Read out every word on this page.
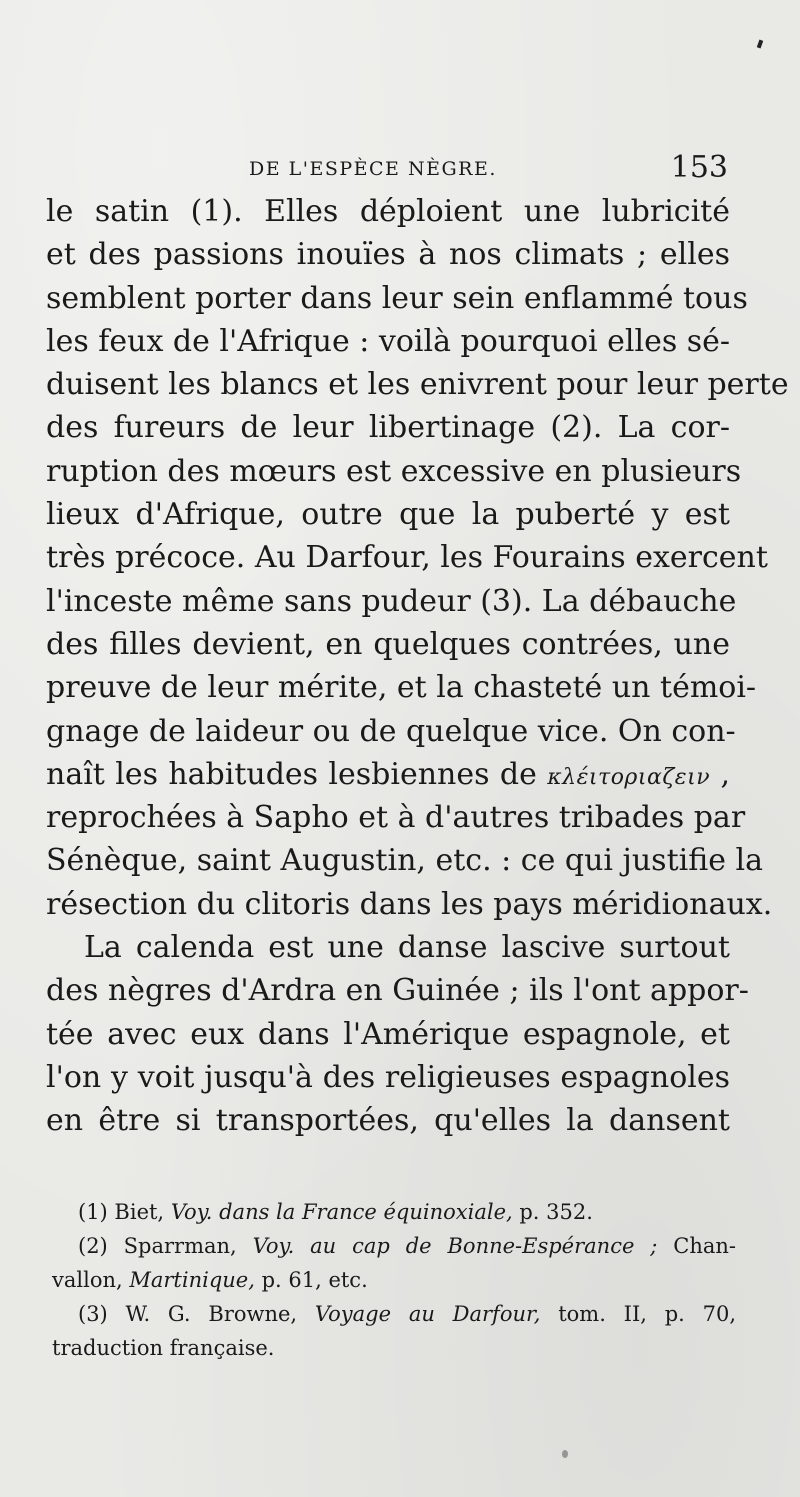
DE L'ESPÈCE NÈGRE.	153
le satin (1). Elles déploient une lubricité
et des passions inouïes à nos climats ; elles
semblent porter dans leur sein enflammé tous
les feux de l'Afrique : voilà pourquoi elles sé-
duisent les blancs et les enivrent pour leur perte
des fureurs de leur libertinage (2). La cor-
ruption des mœurs est excessive en plusieurs
lieux d'Afrique, outre que la puberté y est
très précoce. Au Darfour, les Fourains exercent
l'inceste même sans pudeur (3). La débauche
des filles devient, en quelques contrées, une
preuve de leur mérite, et la chasteté un témoi-
gnage de laideur ou de quelque vice. On con-
naît les habitudes lesbiennes de κλέιτοριαζειν ,
reprochées à Sapho et à d'autres tribades par
Sénèque, saint Augustin, etc. : ce qui justifie la
résection du clitoris dans les pays méridionaux.
La calenda est une danse lascive surtout
des nègres d'Ardra en Guinée ; ils l'ont appor-
tée avec eux dans l'Amérique espagnole, et
l'on y voit jusqu'à des religieuses espagnoles
en être si transportées, qu'elles la dansent
(1) Biet, Voy. dans la France équinoxiale, p. 352.
(2) Sparrman, Voy. au cap de Bonne-Espérance ; Chan-
vallon, Martinique, p. 61, etc.
(3) W. G. Browne, Voyage au Darfour, tom. II, p. 70,
traduction française.
